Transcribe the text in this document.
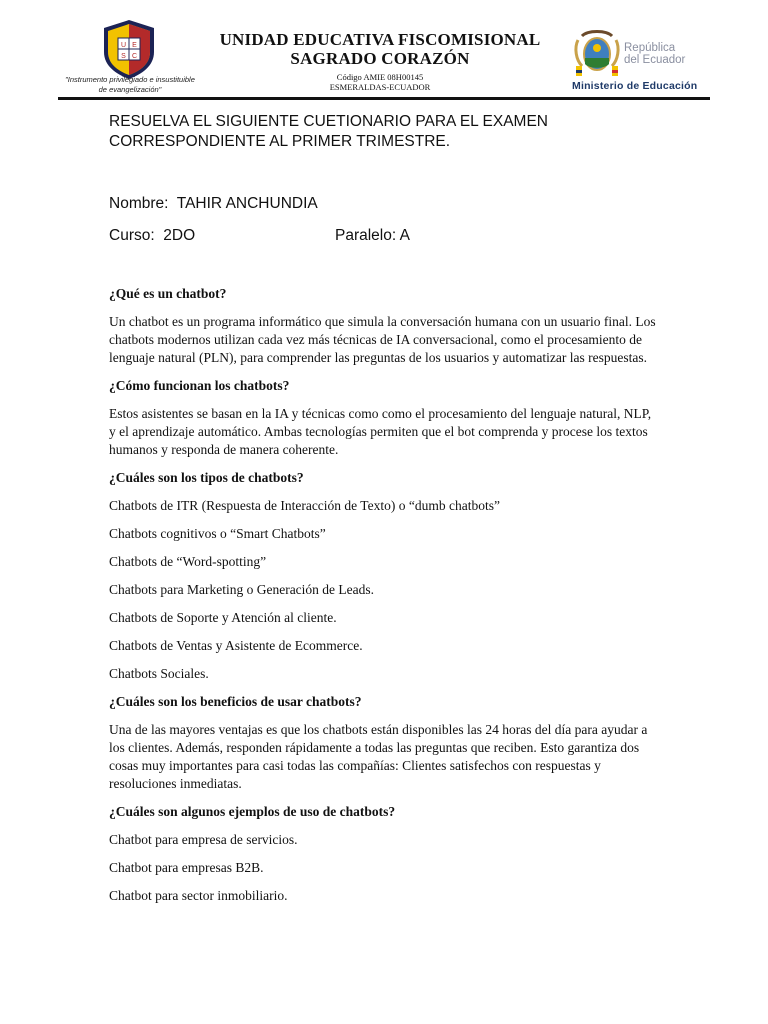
U E
S C
"Instrumento privilegiado e insustituible
de evangelización"
UNIDAD EDUCATIVA FISCOMISIONAL
SAGRADO CORAZÓN
Código AMIE 08H00145
ESMERALDAS-ECUADOR
República
del Ecuador
Ministerio de Educación
RESUELVA EL SIGUIENTE CUETIONARIO PARA EL EXAMEN
CORRESPONDIENTE AL PRIMER TRIMESTRE.
Nombre: TAHIR ANCHUNDIA
Curso: 2DO	Paralelo: A
¿Qué es un chatbot?
Un chatbot es un programa informático que simula la conversación humana con un usuario final. Los chatbots modernos utilizan cada vez más técnicas de IA conversacional, como el procesamiento de lenguaje natural (PLN), para comprender las preguntas de los usuarios y automatizar las respuestas.
¿Cómo funcionan los chatbots?
Estos asistentes se basan en la IA y técnicas como como el procesamiento del lenguaje natural, NLP, y el aprendizaje automático. Ambas tecnologías permiten que el bot comprenda y procese los textos humanos y responda de manera coherente.
¿Cuáles son los tipos de chatbots?
Chatbots de ITR (Respuesta de Interacción de Texto) o “dumb chatbots”
Chatbots cognitivos o “Smart Chatbots”
Chatbots de “Word-spotting”
Chatbots para Marketing o Generación de Leads.
Chatbots de Soporte y Atención al cliente.
Chatbots de Ventas y Asistente de Ecommerce.
Chatbots Sociales.
¿Cuáles son los beneficios de usar chatbots?
Una de las mayores ventajas es que los chatbots están disponibles las 24 horas del día para ayudar a los clientes. Además, responden rápidamente a todas las preguntas que reciben. Esto garantiza dos cosas muy importantes para casi todas las compañías: Clientes satisfechos con respuestas y resoluciones inmediatas.
¿Cuáles son algunos ejemplos de uso de chatbots?
Chatbot para empresa de servicios.
Chatbot para empresas B2B.
Chatbot para sector inmobiliario.
